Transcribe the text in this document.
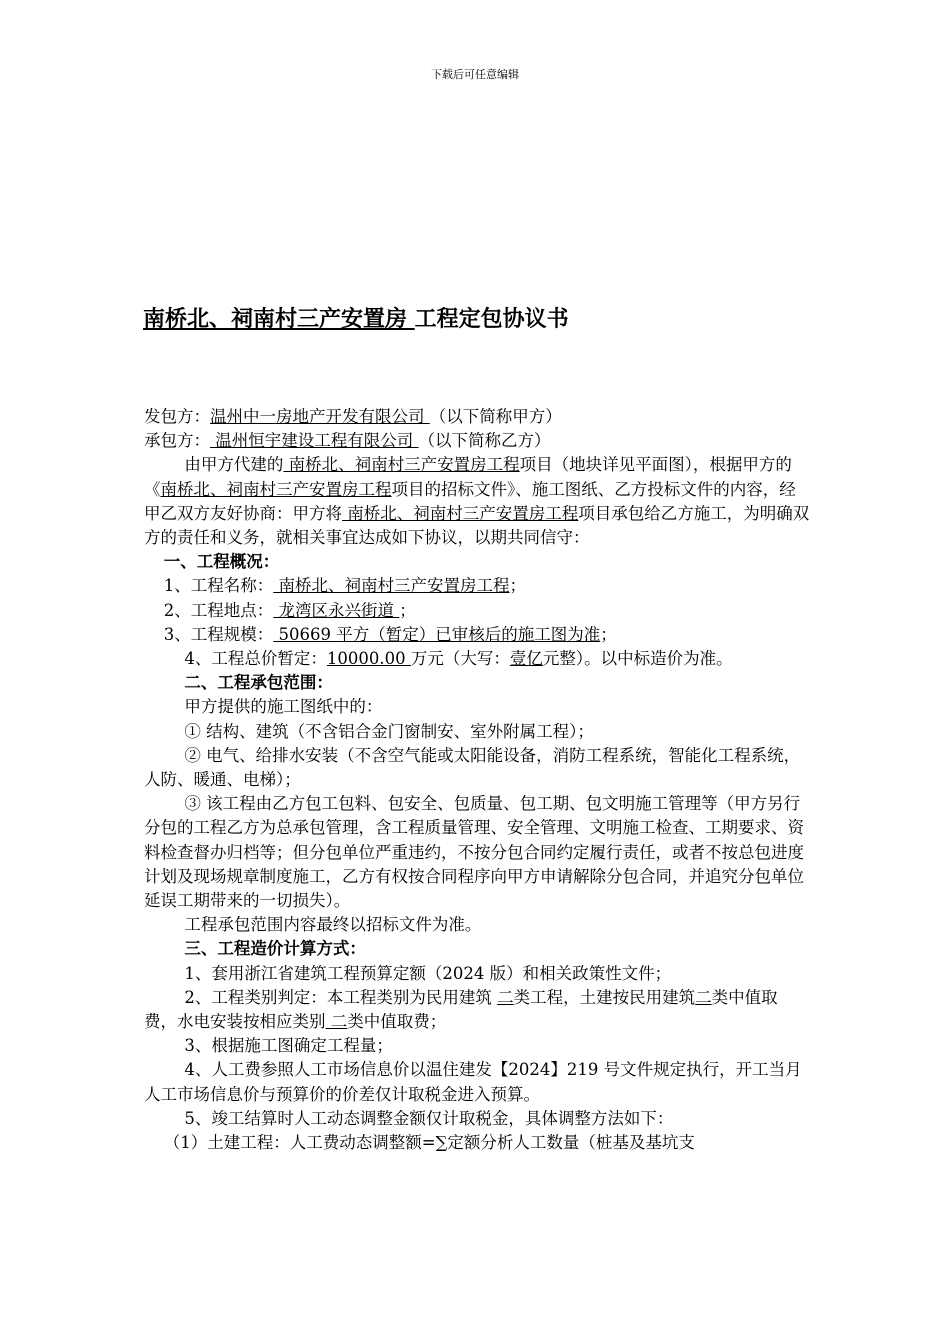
下载后可任意编辑
南桥北、祠南村三产安置房 工程定包协议书

发包方：温州中一房地产开发有限公司 （以下简称甲方）

承包方： 温州恒宇建设工程有限公司 （以下简称乙方）

由甲方代建的 南桥北、祠南村三产安置房工程项目（地块详见平面图），根据甲方的《南桥北、祠南村三产安置房工程项目的招标文件》、施工图纸、乙方投标文件的内容，经甲乙双方友好协商：甲方将 南桥北、祠南村三产安置房工程项目承包给乙方施工，为明确双方的责任和义务，就相关事宜达成如下协议，以期共同信守：

一、工程概况：

1、工程名称： 南桥北、祠南村三产安置房工程；

2、工程地点： 龙湾区永兴街道 ；

3、工程规模： 50669 平方（暂定）已审核后的施工图为准；

4、工程总价暂定：10000.00 万元（大写：壹亿元整）。以中标造价为准。

二、工程承包范围：

甲方提供的施工图纸中的：

① 结构、建筑（不含铝合金门窗制安、室外附属工程）；

② 电气、给排水安装（不含空气能或太阳能设备，消防工程系统，智能化工程系统，人防、暖通、电梯）；

③ 该工程由乙方包工包料、包安全、包质量、包工期、包文明施工管理等（甲方另行分包的工程乙方为总承包管理，含工程质量管理、安全管理、文明施工检查、工期要求、资料检查督办归档等；但分包单位严重违约，不按分包合同约定履行责任，或者不按总包进度计划及现场规章制度施工，乙方有权按合同程序向甲方申请解除分包合同，并追究分包单位延误工期带来的一切损失）。

工程承包范围内容最终以招标文件为准。

三、工程造价计算方式：

1、套用浙江省建筑工程预算定额（2024 版）和相关政策性文件；

2、工程类别判定：本工程类别为民用建筑 二类工程，土建按民用建筑二类中值取费，水电安装按相应类别 二类中值取费；

3、根据施工图确定工程量；

4、人工费参照人工市场信息价以温住建发【2024】219 号文件规定执行，开工当月人工市场信息价与预算价的价差仅计取税金进入预算。

5、竣工结算时人工动态调整金额仅计取税金，具体调整方法如下：

（1）土建工程：人工费动态调整额=∑定额分析人工数量（桩基及基坑支
